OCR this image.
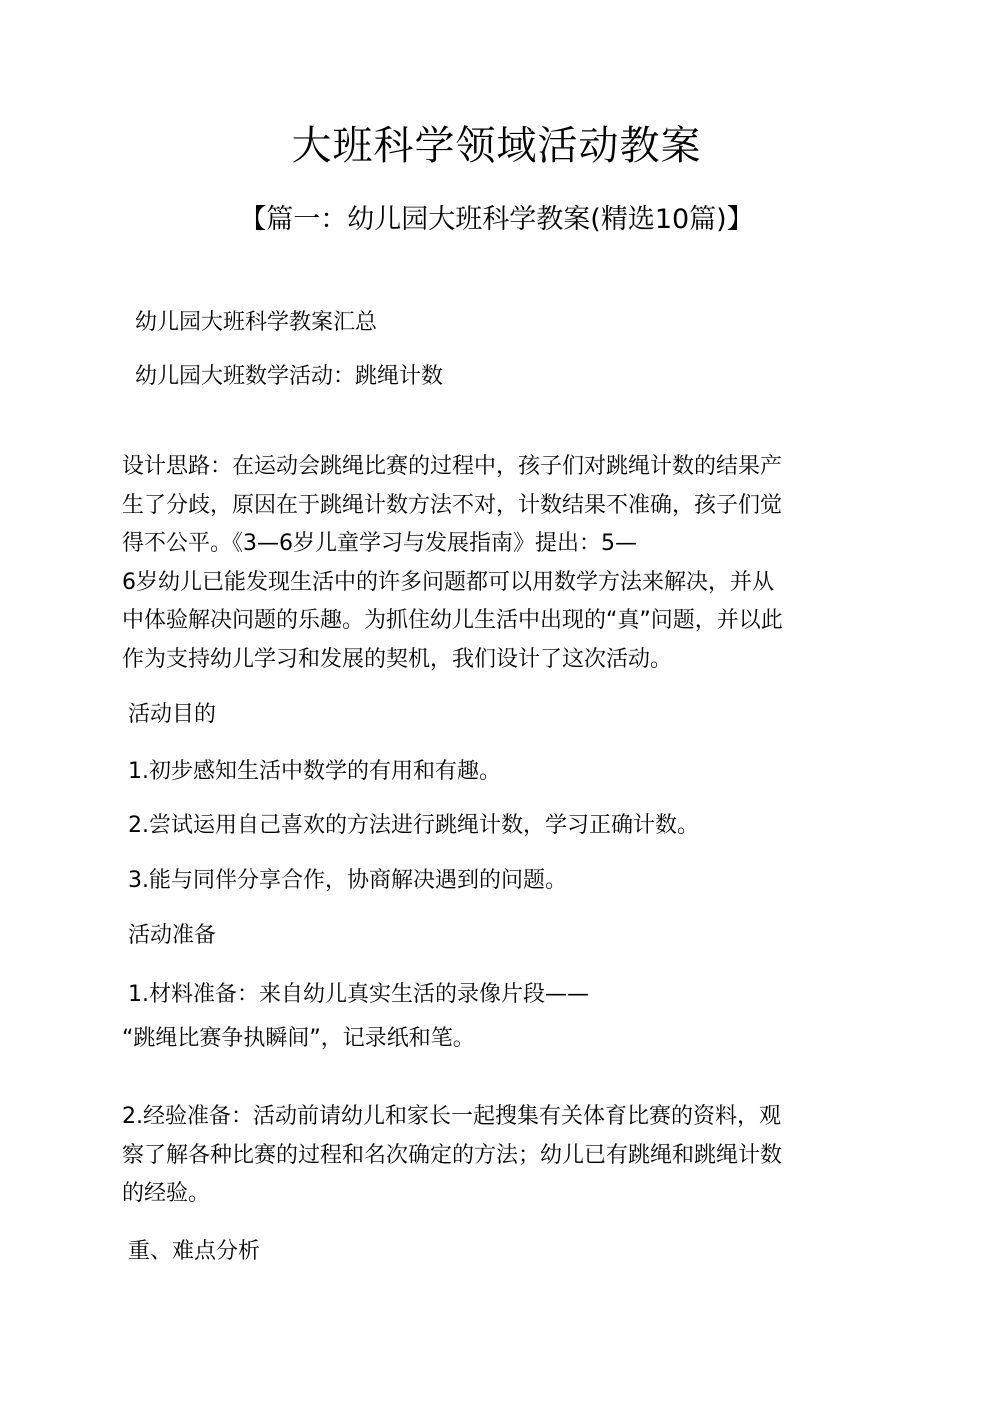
大班科学领域活动教案
【篇一：幼儿园大班科学教案(精选10篇)】

幼儿园大班科学教案汇总

幼儿园大班数学活动：跳绳计数

设计思路：在运动会跳绳比赛的过程中，孩子们对跳绳计数的结果产
生了分歧，原因在于跳绳计数方法不对，计数结果不准确，孩子们觉
得不公平。《3—6岁儿童学习与发展指南》提出：5—
6岁幼儿已能发现生活中的许多问题都可以用数学方法来解决，并从
中体验解决问题的乐趣。为抓住幼儿生活中出现的“真”问题，并以此
作为支持幼儿学习和发展的契机，我们设计了这次活动。

活动目的

1.初步感知生活中数学的有用和有趣。

2.尝试运用自己喜欢的方法进行跳绳计数，学习正确计数。

3.能与同伴分享合作，协商解决遇到的问题。

活动准备

1.材料准备：来自幼儿真实生活的录像片段——
“跳绳比赛争执瞬间”，记录纸和笔。
2.经验准备：活动前请幼儿和家长一起搜集有关体育比赛的资料，观
察了解各种比赛的过程和名次确定的方法；幼儿已有跳绳和跳绳计数
的经验。

重、难点分析
